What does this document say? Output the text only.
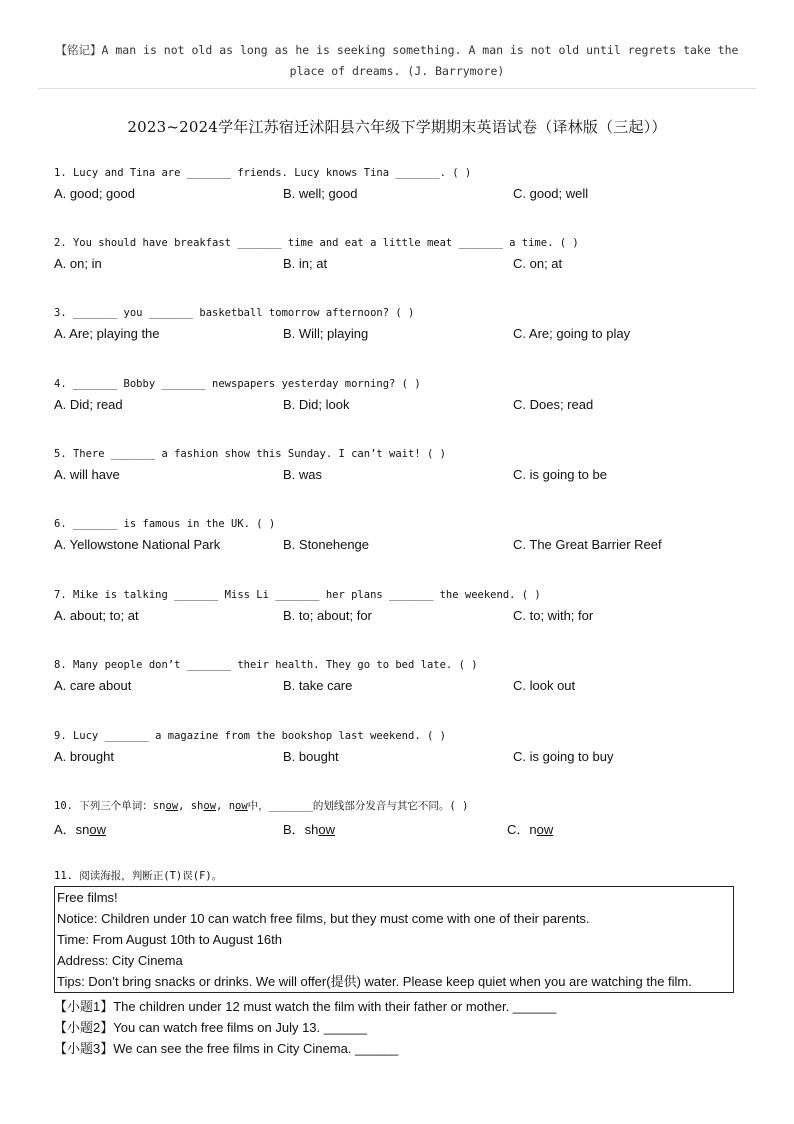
【铭记】A man is not old as long as he is seeking something. A man is not old until regrets take the
place of dreams. (J. Barrymore)
2023~2024学年江苏宿迁沭阳县六年级下学期期末英语试卷（译林版（三起））
1. Lucy and Tina are _______ friends. Lucy knows Tina _______. ( )
A. good; good	B. well; good	C. good; well
2. You should have breakfast _______ time and eat a little meat _______ a time. ( )
A. on; in	B. in; at	C. on; at
3. _______ you _______ basketball tomorrow afternoon? ( )
A. Are; playing the	B. Will; playing	C. Are; going to play
4. _______ Bobby _______ newspapers yesterday morning? ( )
A. Did; read	B. Did; look	C. Does; read
5. There _______ a fashion show this Sunday. I can’t wait! ( )
A. will have	B. was	C. is going to be
6. _______ is famous in the UK. ( )
A. Yellowstone National Park	B. Stonehenge	C. The Great Barrier Reef
7. Mike is talking _______ Miss Li _______ her plans _______ the weekend. ( )
A. about; to; at	B. to; about; for	C. to; with; for
8. Many people don’t _______ their health. They go to bed late. ( )
A. care about	B. take care	C. look out
9. Lucy _______ a magazine from the bookshop last weekend. ( )
A. brought	B. bought	C. is going to buy
10. 下列三个单词：snow, show, now中，_______的划线部分发音与其它不同。( )
A．snow	B．show	C．now
11. 阅读海报，判断正(T)误(F)。
Free films!
Notice: Children under 10 can watch free films, but they must come with one of their parents.
Time: From August 10th to August 16th
Address: City Cinema
Tips: Don’t bring snacks or drinks. We will offer(提供) water. Please keep quiet when you are watching the film.
【小题1】The children under 12 must watch the film with their father or mother. ______
【小题2】You can watch free films on July 13. ______
【小题3】We can see the free films in City Cinema. ______
